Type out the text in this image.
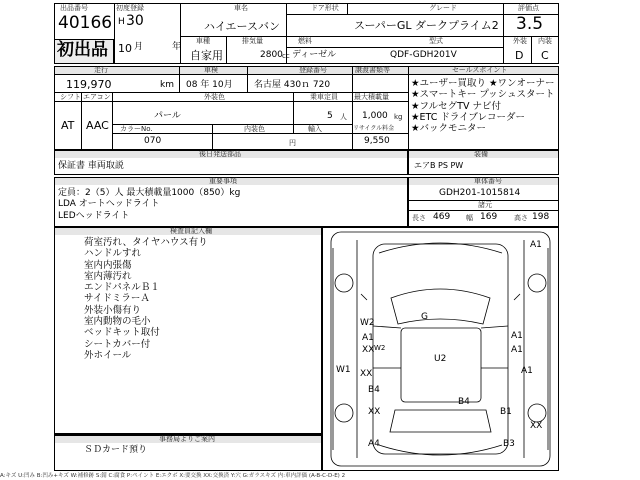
出品番号
40166
初出品
初度登録
H 30
10 月	年
車名
ハイエースバン
車種
自家用
排気量
2800 cc
燃料
ディーゼル
ドア形状	グレード
スーパーGL ダークプライム2
型式
QDF-GDH201V
評価点
3.5
外装 内装
D C
走行
119,970	km
車検
08 年 10月
登録番号
名古屋 430ｎ 720
譲渡書類等	セールスポイント
シフト エアコン
AT AAC
外装色
パール
カラーNo.	内装色
070	円
乗車定員
5 人
輸入
最大積載量
1,000 kg
リサイクル料金
9,550
★ユーザー買取り ★ワンオーナー
★スマートキー プッシュスタート
★フルセグTV ナビ付
★ETC ドライブレコーダー
★バックモニター
後日発送部品
保証書 車両取説
装備
エアB PS PW
重要事項
定員：2（5）人 最大積載量1000（850）kg
LDA オートヘッドライト
LEDヘッドライト
車体番号
GDH201-1015814
諸元
長さ 469 幅 169 高さ 198
検査員記入欄
荷室汚れ、タイヤハウス有り
ハンドルすれ
室内内張傷
室内薄汚れ
エンドパネルＢ１
サイドミラーＡ
外装小傷有り
室内動物の毛小
ベッドキット取付
シートカバー付
外ホイール
事務局よりご案内
ＳＤカード預り
A1
G
W2
A1
W2
A1
XX	A1
W1 XX
U2
A1
B4
XX
B4
B1
XX
A4	B3
A:キズ U:凹み B:凹み+キズ W:補修跡 S:錆 C:腐食 P:ペイント E:エクボ X:要交換 XX:交換済 Y:穴 G:ガラスキズ 内:車内評価 (A-B-C-D-E) 2
